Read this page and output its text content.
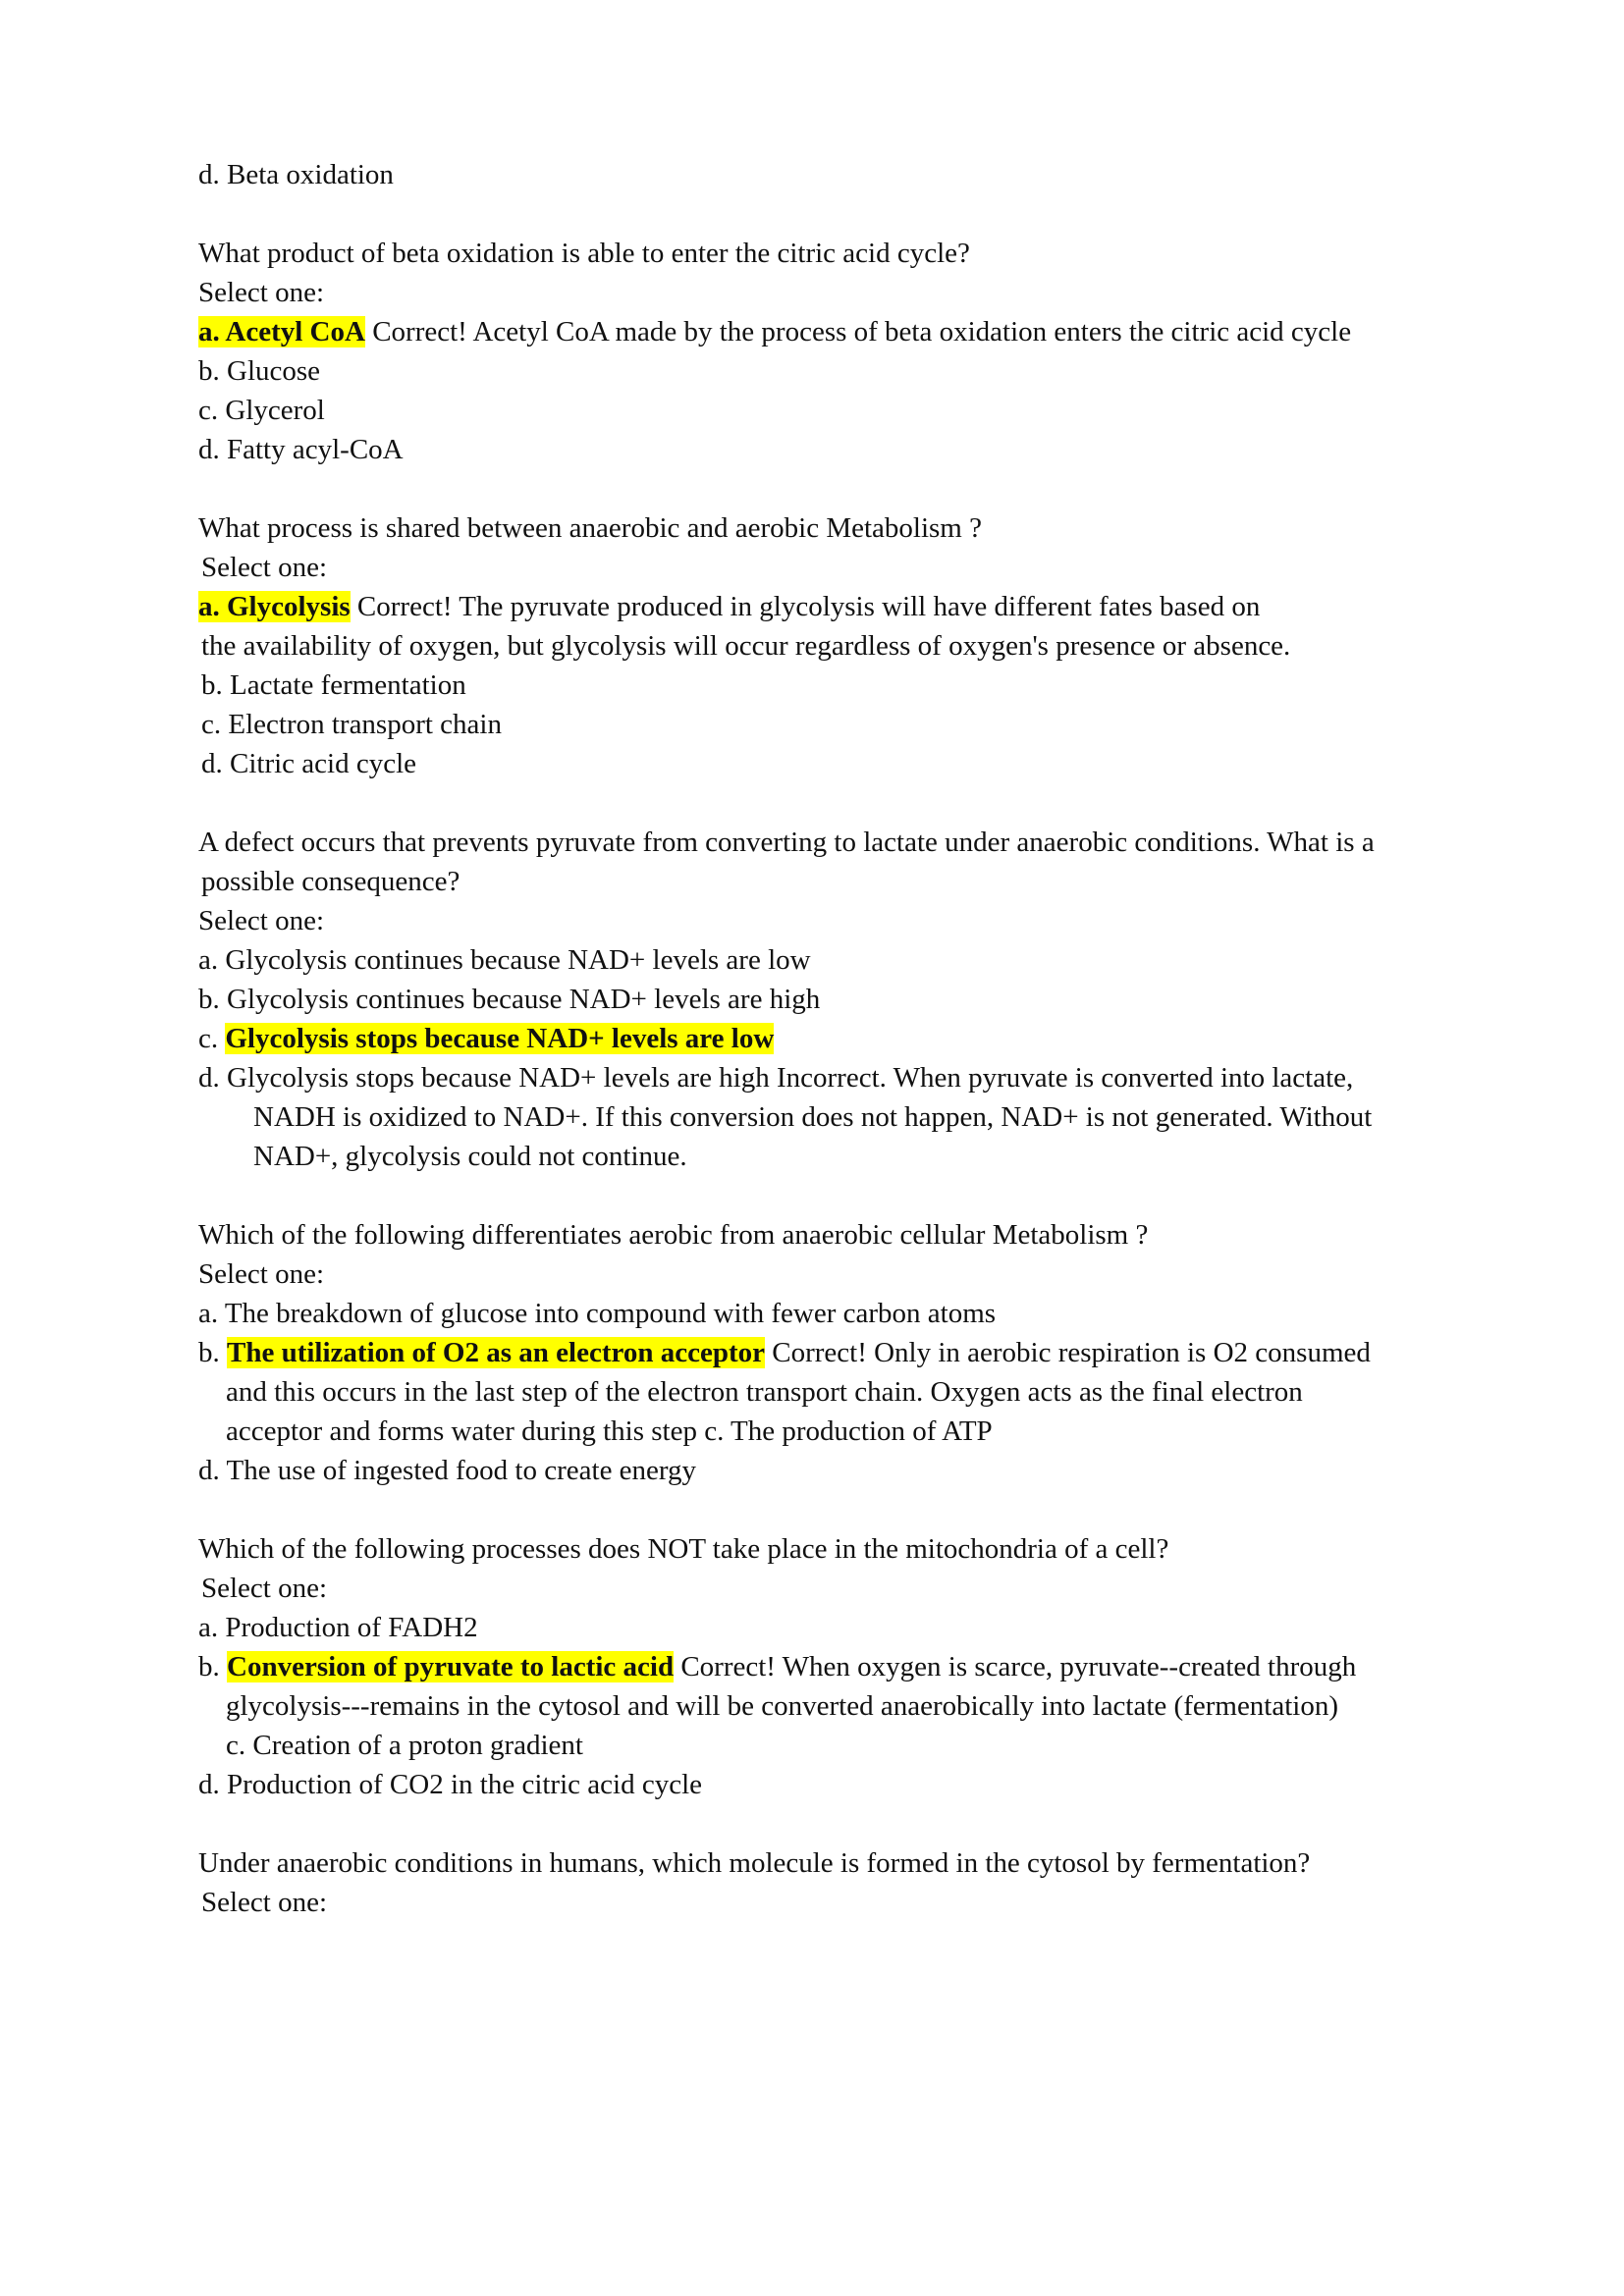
d. Beta oxidation

What product of beta oxidation is able to enter the citric acid cycle?

Select one:

a. Acetyl CoA Correct! Acetyl CoA made by the process of beta oxidation enters the citric acid cycle

b. Glucose

c. Glycerol

d. Fatty acyl-CoA

What process is shared between anaerobic and aerobic Metabolism ?

Select one:

a. Glycolysis Correct! The pyruvate produced in glycolysis will have different fates based on

the availability of oxygen, but glycolysis will occur regardless of oxygen's presence or absence.

b. Lactate fermentation

c. Electron transport chain

d. Citric acid cycle

A defect occurs that prevents pyruvate from converting to lactate under anaerobic conditions. What is a

possible consequence?

Select one:

a. Glycolysis continues because NAD+ levels are low

b. Glycolysis continues because NAD+ levels are high

c. Glycolysis stops because NAD+ levels are low

d. Glycolysis stops because NAD+ levels are high Incorrect. When pyruvate is converted into lactate,

NADH is oxidized to NAD+. If this conversion does not happen, NAD+ is not generated. Without

NAD+, glycolysis could not continue.

Which of the following differentiates aerobic from anaerobic cellular Metabolism ?

Select one:

a. The breakdown of glucose into compound with fewer carbon atoms

b. The utilization of O2 as an electron acceptor Correct! Only in aerobic respiration is O2 consumed

and this occurs in the last step of the electron transport chain. Oxygen acts as the final electron

acceptor and forms water during this step c. The production of ATP

d. The use of ingested food to create energy

Which of the following processes does NOT take place in the mitochondria of a cell?

Select one:

a. Production of FADH2

b. Conversion of pyruvate to lactic acid Correct! When oxygen is scarce, pyruvate--created through

glycolysis---remains in the cytosol and will be converted anaerobically into lactate (fermentation)

c. Creation of a proton gradient

d. Production of CO2 in the citric acid cycle

Under anaerobic conditions in humans, which molecule is formed in the cytosol by fermentation?

Select one:
